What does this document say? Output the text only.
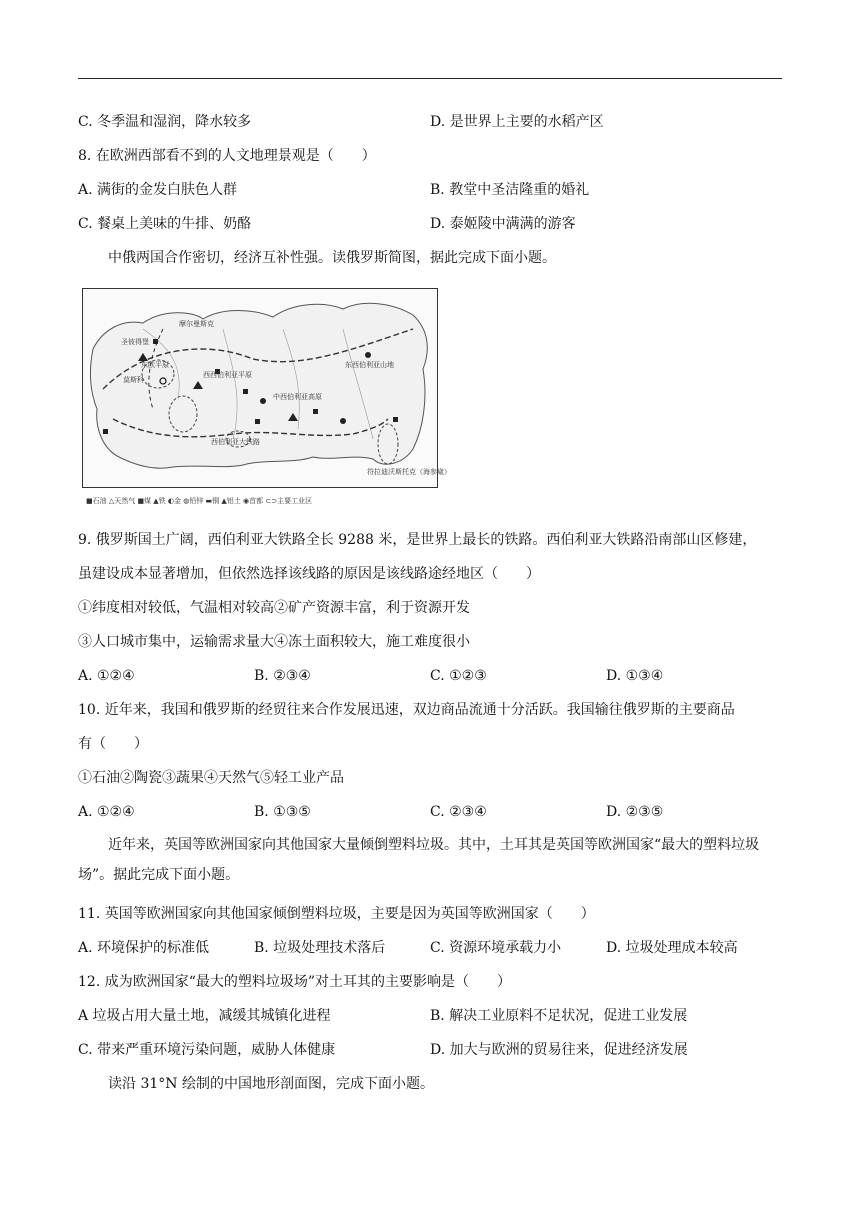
C. 冬季温和湿润，降水较多	D. 是世界上主要的水稻产区
8. 在欧洲西部看不到的人文地理景观是（　　）
A. 满街的金发白肤色人群	B. 教堂中圣洁隆重的婚礼
C. 餐桌上美味的牛排、奶酪	D. 泰姬陵中满满的游客
中俄两国合作密切，经济互补性强。读俄罗斯简图，据此完成下面小题。
摩尔曼斯克
圣彼得堡
莫斯科
东欧平原
西西伯利亚平原
中西伯利亚高原
东西伯利亚山地
西伯利亚大铁路
符拉迪沃斯托克（海参崴）
■石油 △天然气 ■煤 ▲铁 ◐金 ◍铅锌 ▬铜 ▲铝土 ◉首都 ⊂⊃主要工业区
9. 俄罗斯国土广阔，西伯利亚大铁路全长 9288 米，是世界上最长的铁路。西伯利亚大铁路沿南部山区修建，
虽建设成本显著增加，但依然选择该线路的原因是该线路途经地区（　　）
①纬度相对较低，气温相对较高②矿产资源丰富，利于资源开发
③人口城市集中，运输需求量大④冻土面积较大，施工难度很小
A. ①②④	B. ②③④	C. ①②③	D. ①③④
10. 近年来，我国和俄罗斯的经贸往来合作发展迅速，双边商品流通十分活跃。我国输往俄罗斯的主要商品
有（　　）
①石油②陶瓷③蔬果④天然气⑤轻工业产品
A. ①②④	B. ①③⑤	C. ②③④	D. ②③⑤
近年来，英国等欧洲国家向其他国家大量倾倒塑料垃圾。其中，土耳其是英国等欧洲国家“最大的塑料垃圾场”。据此完成下面小题。
11. 英国等欧洲国家向其他国家倾倒塑料垃圾，主要是因为英国等欧洲国家（　　）
A. 环境保护的标准低	B. 垃圾处理技术落后	C. 资源环境承载力小	D. 垃圾处理成本较高
12. 成为欧洲国家“最大的塑料垃圾场”对土耳其的主要影响是（　　）
A 垃圾占用大量土地，减缓其城镇化进程	B. 解决工业原料不足状况，促进工业发展
C. 带来严重环境污染问题，威胁人体健康	D. 加大与欧洲的贸易往来，促进经济发展
读沿 31°N 绘制的中国地形剖面图，完成下面小题。
